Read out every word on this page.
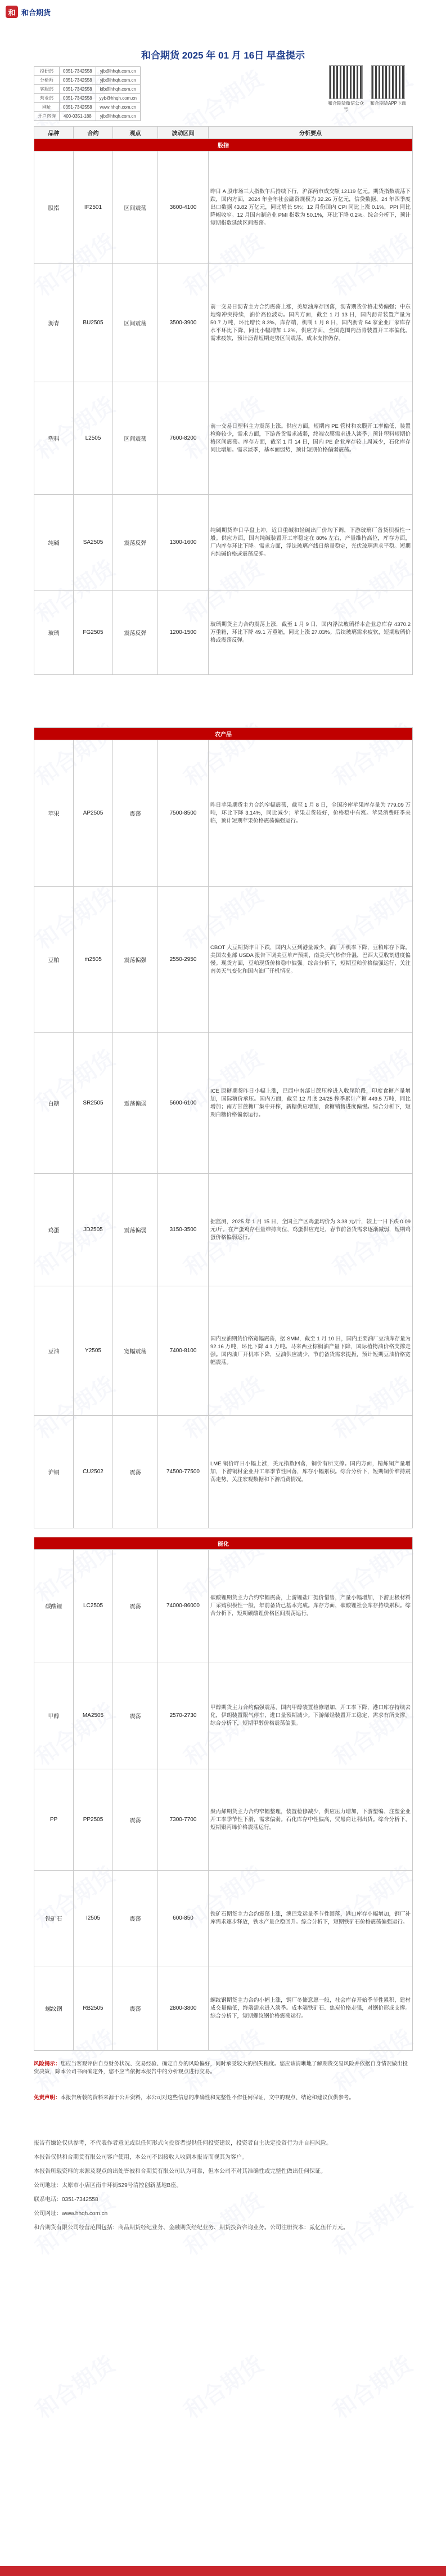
和 和合期货
和合期货 2025 年 01 月 16日 早盘提示
投研部	0351-7342558	yjb@hhqh.com.cn
分析师	0351-7342558	yjb@hhqh.com.cn
客服部	0351-7342558	kfb@hhqh.com.cn
营业部	0351-7342558	yyb@hhqh.com.cn
网址	0351-7342558	www.hhqh.com.cn
开户咨询	400-0351-188	yjb@hhqh.com.cn
和合期货微信公众号
和合期货APP下载
品种	合约	观点	波动区间	分析要点
股指				
股指	IF2501	区间震荡	3600-4100	昨日 A 股市场三大指数午后持续下行，沪深两市成交额 12119 亿元。期货指数震荡下跌，国内方面，2024 年全年社会融资规模为 32.26 万亿元，信贷数据、24 年四季度出口数据 43.82 万亿元，同比增长 5%；12 月份国内 CPI 同比上涨 0.1%，PPI 同比降幅收窄。12 月国内制造业 PMI 指数为 50.1%，环比下降 0.2%。综合分析下，预计短期指数延续区间震荡。
沥青	BU2505	区间震荡	3500-3900	前一交易日沥青主力合约震荡上涨，美原油库存回落，沥青期货价格走势偏强；中东地缘冲突持续，油价高位波动。国内方面，截至 1 月 13 日，国内沥青装置产量为 50.7 万吨，环比增长 8.3%，库存端，机制 1 月 8 日，国内沥青 54 家企业厂家库存水平环比下降，同比小幅增加 1.2%，供应方面，全国范围内沥青装置开工率偏低。需求疲软，预计沥青短期走势区间震荡，成本支撑仍存。
塑料	L2505	区间震荡	7600-8200	前一交易日塑料主力震荡上涨。供应方面，短期内 PE 管材和农膜开工率偏低，装置检修较少，需求方面，下游备货需求减弱，终端农膜需求进入淡季，预计塑料短期价格区间震荡。库存方面，截至 1 月 14 日，国内 PE 企业库存较上周减少，石化库存同比增加。需求淡季，基本面弱势，预计短期价格偏弱震荡。
纯碱	SA2505	震荡反弹	1300-1600	纯碱期货昨日早盘上冲，近日重碱和轻碱出厂价均下调，下游玻璃厂备货积极性一般。供应方面，国内纯碱装置开工率稳定在 80% 左右，产量维持高位，库存方面，厂内库存环比下降。需求方面，浮法玻璃产线日熔量稳定，光伏玻璃需求平稳。短期内纯碱价格或震荡反弹。
玻璃	FG2505	震荡反弹	1200-1500	玻璃期货主力合约震荡上涨，截至 1 月 9 日，国内浮法玻璃样本企业总库存 4370.2 万重箱，环比下降 49.1 万重箱，同比上涨 27.03%。后续玻璃需求疲软，短期玻璃价格或震荡反弹。
农产品				
苹果	AP2505	震荡	7500-8500	昨日苹果期货主力合约窄幅震荡，截至 1 月 8 日，全国冷库苹果库存量为 779.09 万吨，环比下降 3.14%，同比减少；苹果走货较好，价格稳中有涨。苹果消费旺季来临，预计短期苹果价格震荡偏强运行。
豆粕	m2505	震荡偏强	2550-2950	CBOT 大豆期货昨日下跌，国内大豆到港量减少，油厂开机率下降，豆粕库存下降。美国农业部 USDA 报告下调美豆单产预期，南美天气炒作升温，巴西大豆收割进度偏慢。现货方面，豆粕现货价格稳中偏强。综合分析下，短期豆粕价格偏强运行，关注南美天气变化和国内油厂开机情况。
白糖	SR2505	震荡偏弱	5600-6100	ICE 原糖期货昨日小幅上涨，巴西中南部甘蔗压榨进入收尾阶段，印度食糖产量增加，国际糖价承压。国内方面，截至 12 月底 24/25 榨季累计产糖 449.5 万吨，同比增加；南方甘蔗糖厂集中开榨，新糖供应增加，食糖销售进度偏慢。综合分析下，短期白糖价格偏弱运行。
鸡蛋	JD2505	震荡偏弱	3150-3500	据监测，2025 年 1 月 15 日，全国主产区鸡蛋均价为 3.38 元/斤，较上一日下跌 0.09 元/斤。在产蛋鸡存栏量维持高位，鸡蛋供应充足，春节前备货需求逐渐减弱，短期鸡蛋价格偏弱运行。
豆油	Y2505	宽幅震荡	7400-8100	国内豆油期货价格宽幅震荡，据 SMM，截至 1 月 10 日，国内主要油厂豆油库存量为 92.16 万吨，环比下降 4.1 万吨。马来西亚棕榈油产量下降，国际植物油价格支撑走强。国内油厂开机率下降，豆油供应减少，节前备货需求提振，预计短期豆油价格宽幅震荡。
沪铜	CU2502	震荡	74500-77500	LME 铜价昨日小幅上涨，美元指数回落，铜价有所支撑。国内方面，精炼铜产量增加，下游铜材企业开工率季节性回落，库存小幅累积。综合分析下，短期铜价维持震荡走势，关注宏观数据和下游消费情况。
能化				
碳酸锂	LC2505	震荡	74000-86000	碳酸锂期货主力合约窄幅震荡，上游锂盐厂挺价惜售，产量小幅增加，下游正极材料厂采购积极性一般，年前备货已基本完成。库存方面，碳酸锂社会库存持续累积。综合分析下，短期碳酸锂价格区间震荡运行。
甲醇	MA2505	震荡	2570-2730	甲醇期货主力合约偏强震荡，国内甲醇装置检修增加，开工率下降，港口库存持续去化，伊朗装置限气停车，进口量预期减少。下游烯烃装置开工稳定，需求有所支撑。综合分析下，短期甲醇价格震荡偏强。
PP	PP2505	震荡	7300-7700	聚丙烯期货主力合约窄幅整理，装置检修减少，供应压力增加，下游塑编、注塑企业开工率季节性下滑，需求偏弱。石化库存中性偏高，贸易商让利出货。综合分析下，短期聚丙烯价格震荡运行。
铁矿石	I2505	震荡	600-850	铁矿石期货主力合约震荡上涨，澳巴发运量季节性回落，港口库存小幅增加，钢厂补库需求逐步释放，铁水产量企稳回升。综合分析下，短期铁矿石价格震荡偏强运行。
螺纹钢	RB2505	震荡	2800-3800	螺纹钢期货主力合约小幅上涨，钢厂冬储意愿一般，社会库存开始季节性累积，建材成交量偏低，终端需求进入淡季。成本端铁矿石、焦炭价格走强，对钢价形成支撑。综合分析下，短期螺纹钢价格震荡运行。
风险揭示：您应当客观评估自身财务状况、交易经验、确定自身的风险偏好，同时承受较大的损失程度。您应该清晰地了解期货交易风险并依据自身情况做出投资决策，除本公司书面确定外，您不应当依据本报告中的分析观点进行交易。
免责声明：本报告所载的资料来源于公开资料，本公司对这些信息的准确性和完整性不作任何保证，文中的观点、结论和建议仅供参考。

报告有嫌论仅供参考，不代表作者意见或以任何形式向投资者提供任何投资建议，投资者自主决定投资行为并自担风险。

本报告仅供和合期货有限公司客户使用，本公司不因接收人收到本报告而视其为客户。

本报告所载资料的来源及观点的出处皆被和合期货有限公司认为可靠，但本公司不对其准确性或完整性做出任何保证。

公司地址：太原市小店区南中环街529号清控创新基地B座。

联系电话：0351-7342558

公司网址：www.hhqh.com.cn

和合期货有限公司经营范围包括：商品期货经纪业务、金融期货经纪业务、期货投资咨询业务。公司注册资本：贰亿伍仟万元。
